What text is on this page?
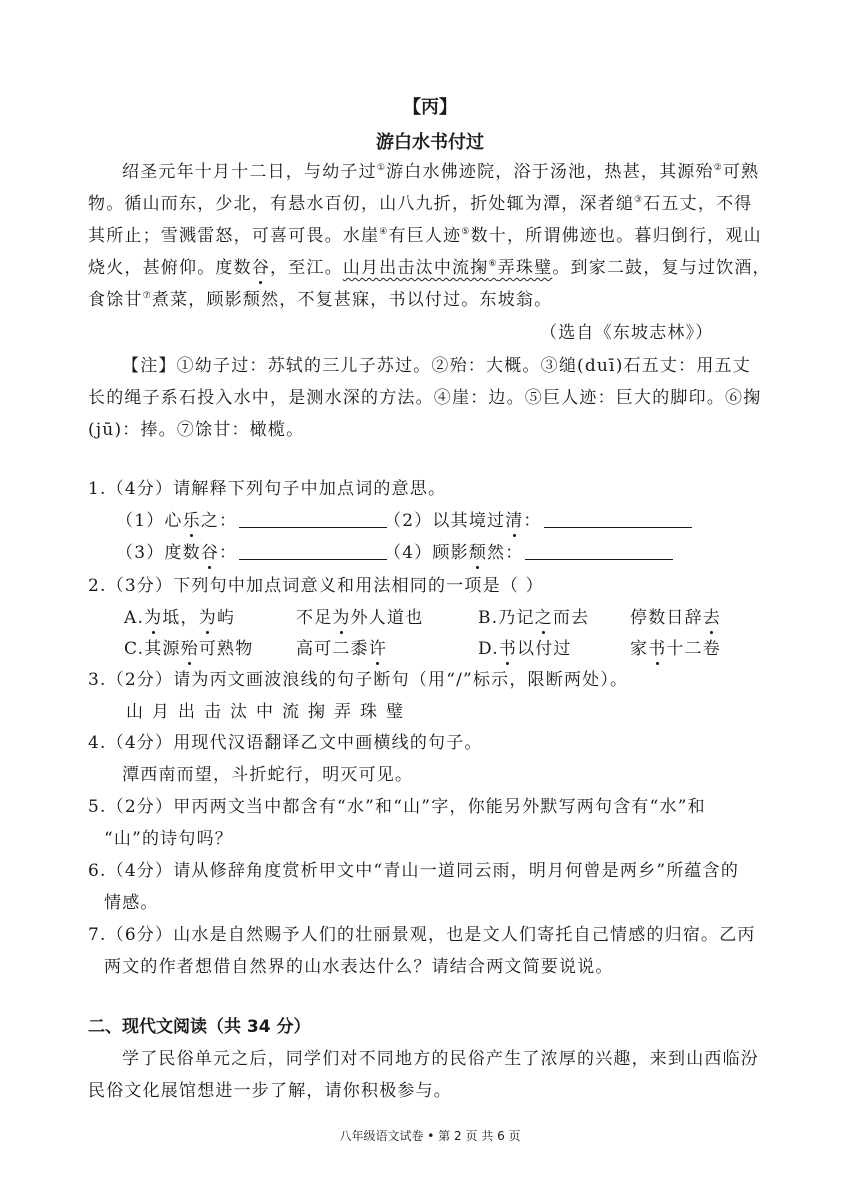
【丙】
游白水书付过
绍圣元年十月十二日，与幼子过①游白水佛迹院，浴于汤池，热甚，其源殆②可熟
物。循山而东，少北，有悬水百仞，山八九折，折处辄为潭，深者缒③石五丈，不得
其所止；雪溅雷怒，可喜可畏。水崖④有巨人迹⑤数十，所谓佛迹也。暮归倒行，观山
烧火，甚俯仰。度数谷，至江。山月出击汰中流掬⑥弄珠璧。到家二鼓，复与过饮酒，
食馀甘⑦煮菜，顾影颓然，不复甚寐，书以付过。东坡翁。
（选自《东坡志林》）
【注】①幼子过：苏轼的三儿子苏过。②殆：大概。③缒(duī)石五丈：用五丈
长的绳子系石投入水中，是测水深的方法。④崖：边。⑤巨人迹：巨大的脚印。⑥掬
(jū)：捧。⑦馀甘：橄榄。
1.（4分）请解释下列句子中加点词的意思。
（1）心乐之：	（2）以其境过清：
（3）度数谷：	（4）顾影颓然：
2.（3分）下列句中加点词意义和用法相同的一项是（ ）
A.为坻，为屿	不足为外人道也	B.乃记之而去 停数日辞去
C.其源殆可熟物	高可二黍许	D.书以付过	家书十二卷
3.（2分）请为丙文画波浪线的句子断句（用“/”标示，限断两处）。
山月出击汰中流掬弄珠璧
4.（4分）用现代汉语翻译乙文中画横线的句子。
潭西南而望，斗折蛇行，明灭可见。
5.（2分）甲丙两文当中都含有“水”和“山”字，你能另外默写两句含有“水”和
“山”的诗句吗？
6.（4分）请从修辞角度赏析甲文中“青山一道同云雨，明月何曾是两乡”所蕴含的
情感。
7.（6分）山水是自然赐予人们的壮丽景观，也是文人们寄托自己情感的归宿。乙丙
两文的作者想借自然界的山水表达什么？请结合两文简要说说。
二、现代文阅读（共 34 分）
学了民俗单元之后，同学们对不同地方的民俗产生了浓厚的兴趣，来到山西临汾
民俗文化展馆想进一步了解，请你积极参与。
八年级语文试卷 • 第 2 页 共 6 页
